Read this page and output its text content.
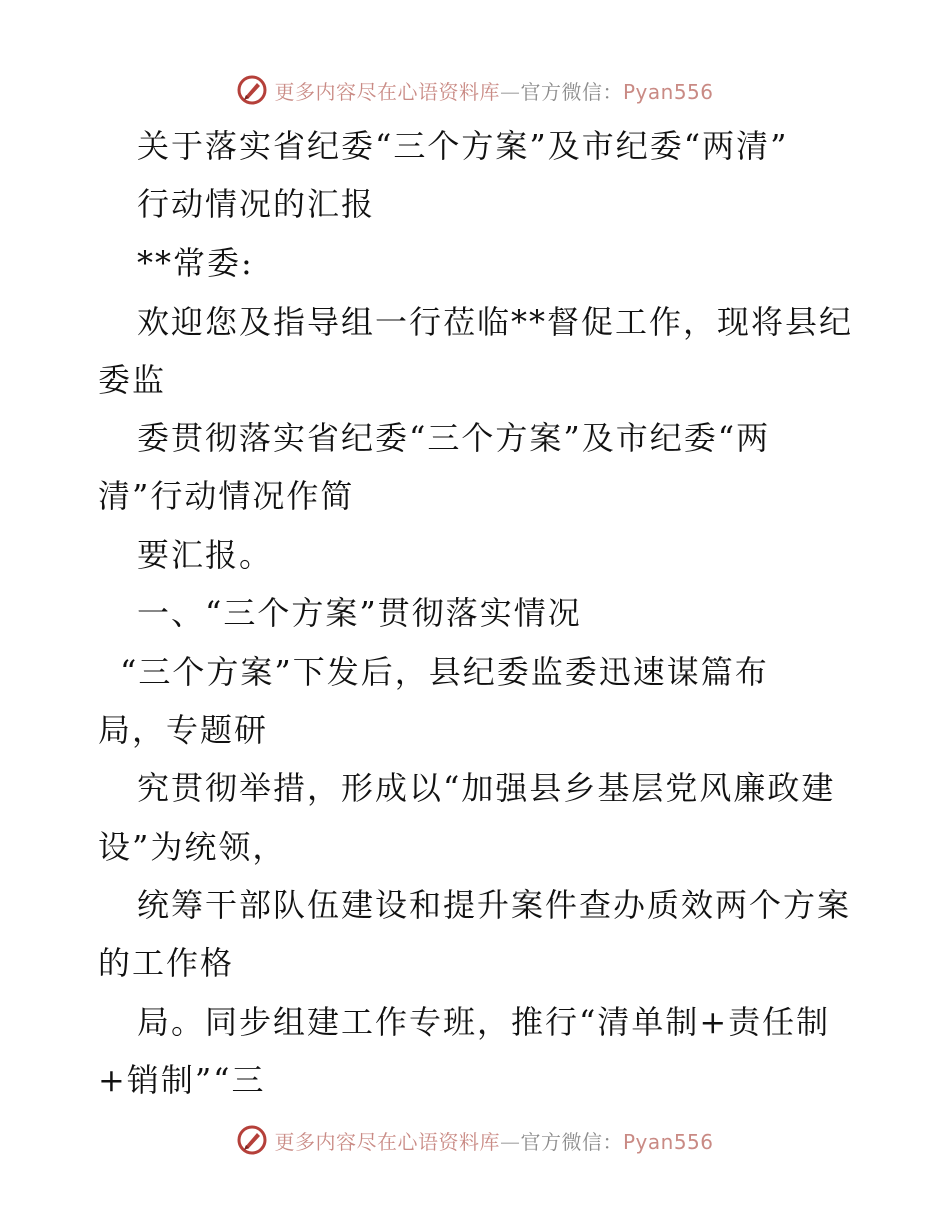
更多内容尽在心语资料库—官方微信：Pyan556
关于落实省纪委“三个方案”及市纪委“两清”
行动情况的汇报
**常委:
欢迎您及指导组一行莅临**督促工作，现将县纪
委监
委贯彻落实省纪委“三个方案”及市纪委“两
清”行动情况作简
要汇报。
一、“三个方案”贯彻落实情况
“三个方案”下发后，县纪委监委迅速谋篇布
局，专题研
究贯彻举措，形成以“加强县乡基层党风廉政建
设”为统领，
统筹干部队伍建设和提升案件查办质效两个方案
的工作格
局。同步组建工作专班，推行“清单制+责任制
+销制”“三
更多内容尽在心语资料库—官方微信：Pyan556
